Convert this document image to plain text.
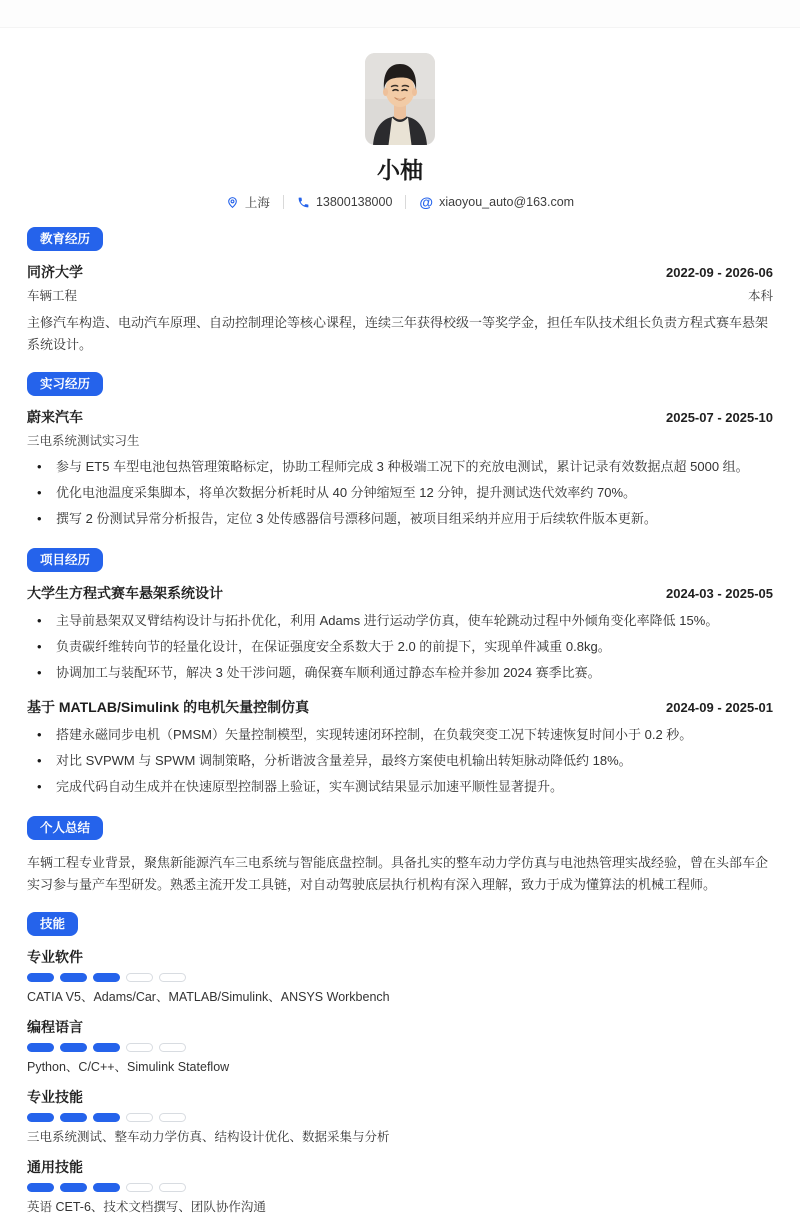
小柚
上海	13800138000 @ xiaoyou_auto@163.com
教育经历
同济大学	2022-09 - 2026-06
车辆工程	本科
主修汽车构造、电动汽车原理、自动控制理论等核心课程，连续三年获得校级一等奖学金，担任车队技术组长负责方程式赛车悬架系统设计。
实习经历
蔚来汽车	2025-07 - 2025-10
三电系统测试实习生
• 参与 ET5 车型电池包热管理策略标定，协助工程师完成 3 种极端工况下的充放电测试，累计记录有效数据点超 5000 组。
• 优化电池温度采集脚本，将单次数据分析耗时从 40 分钟缩短至 12 分钟，提升测试迭代效率约 70%。
• 撰写 2 份测试异常分析报告，定位 3 处传感器信号漂移问题，被项目组采纳并应用于后续软件版本更新。
项目经历
大学生方程式赛车悬架系统设计	2024-03 - 2025-05
• 主导前悬架双叉臂结构设计与拓扑优化，利用 Adams 进行运动学仿真，使车轮跳动过程中外倾角变化率降低 15%。
• 负责碳纤维转向节的轻量化设计，在保证强度安全系数大于 2.0 的前提下，实现单件减重 0.8kg。
• 协调加工与装配环节，解决 3 处干涉问题，确保赛车顺利通过静态车检并参加 2024 赛季比赛。
基于 MATLAB/Simulink 的电机矢量控制仿真	2024-09 - 2025-01
• 搭建永磁同步电机（PMSM）矢量控制模型，实现转速闭环控制，在负载突变工况下转速恢复时间小于 0.2 秒。
• 对比 SVPWM 与 SPWM 调制策略，分析谐波含量差异，最终方案使电机输出转矩脉动降低约 18%。
• 完成代码自动生成并在快速原型控制器上验证，实车测试结果显示加速平顺性显著提升。
个人总结
车辆工程专业背景，聚焦新能源汽车三电系统与智能底盘控制。具备扎实的整车动力学仿真与电池热管理实战经验，曾在头部车企实习参与量产车型研发。熟悉主流开发工具链，对自动驾驶底层执行机构有深入理解，致力于成为懂算法的机械工程师。
技能
专业软件
CATIA V5、Adams/Car、MATLAB/Simulink、ANSYS Workbench
编程语言
Python、C/C++、Simulink Stateflow
专业技能
三电系统测试、整车动力学仿真、结构设计优化、数据采集与分析
通用技能
英语 CET-6、技术文档撰写、团队协作沟通
